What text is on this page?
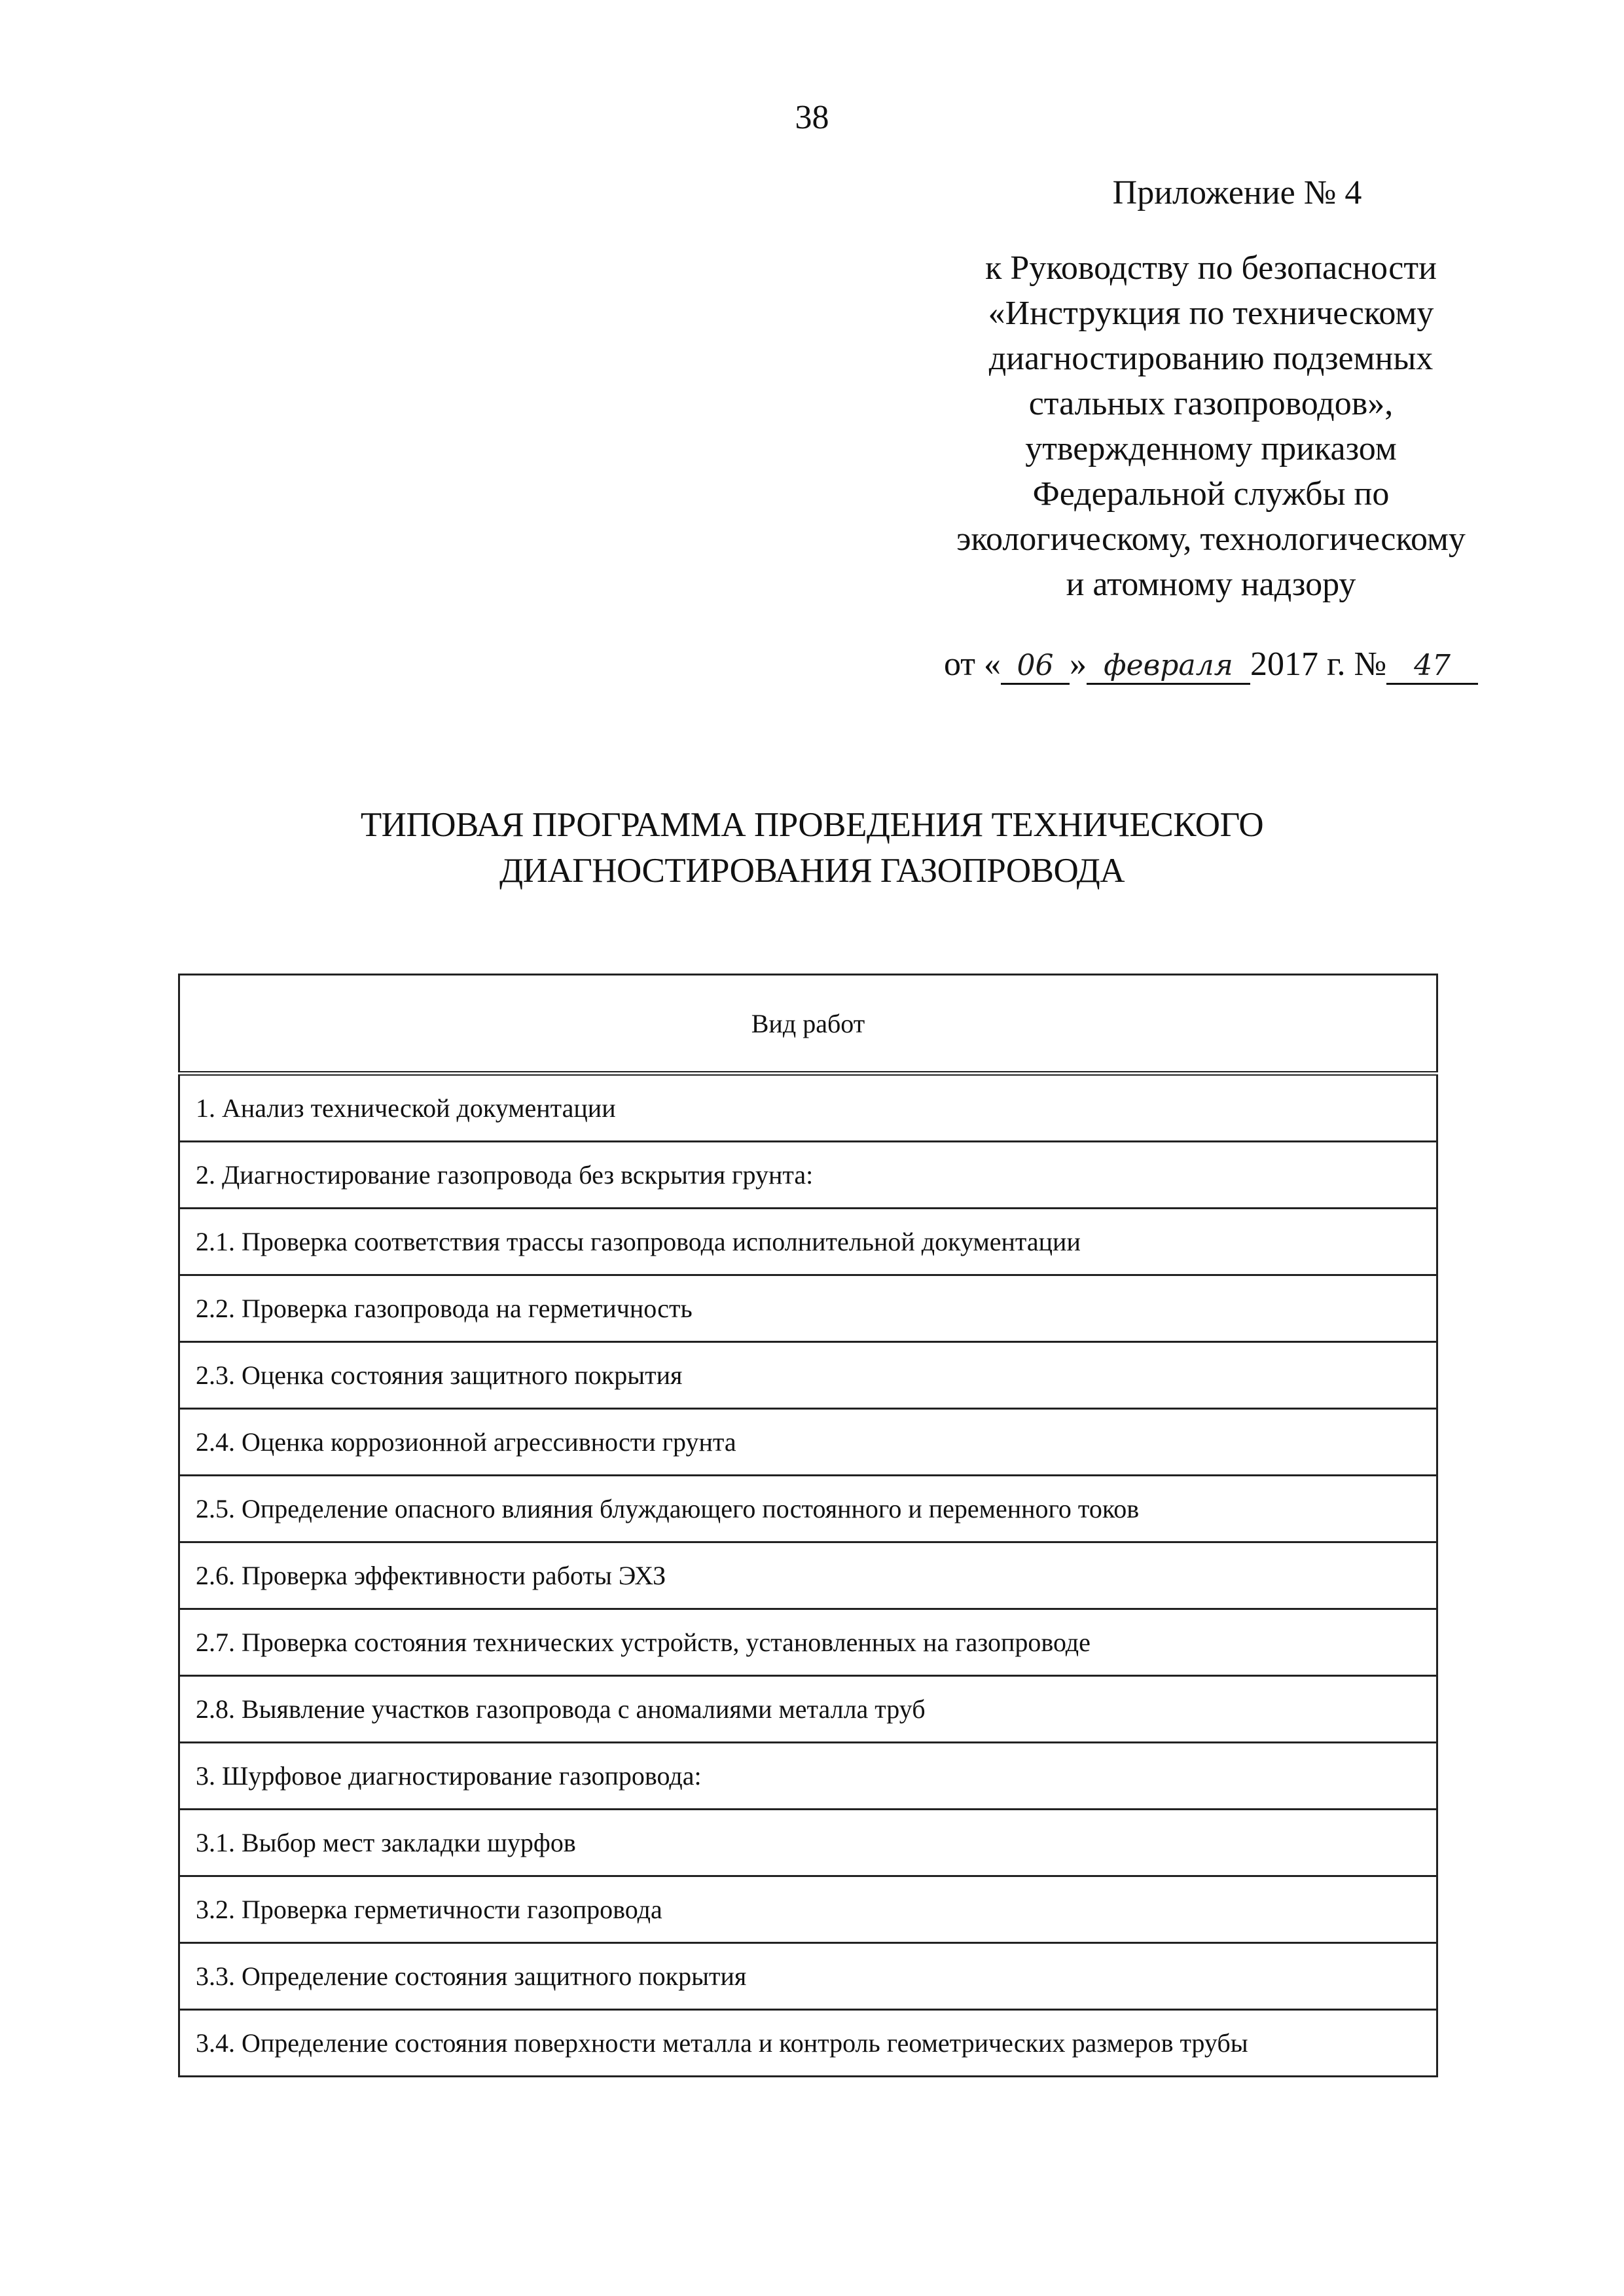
38
Приложение № 4
к Руководству по безопасности
«Инструкция по техническому
диагностированию подземных
стальных газопроводов»,
утвержденному приказом
Федеральной службы по
экологическому, технологическому
и атомному надзору
от « 06 » февраля 2017 г. № 47
ТИПОВАЯ ПРОГРАММА ПРОВЕДЕНИЯ ТЕХНИЧЕСКОГО
ДИАГНОСТИРОВАНИЯ ГАЗОПРОВОДА
Вид работ
1. Анализ технической документации
2. Диагностирование газопровода без вскрытия грунта:
2.1. Проверка соответствия трассы газопровода исполнительной документации
2.2. Проверка газопровода на герметичность
2.3. Оценка состояния защитного покрытия
2.4. Оценка коррозионной агрессивности грунта
2.5. Определение опасного влияния блуждающего постоянного и переменного токов
2.6. Проверка эффективности работы ЭХЗ
2.7. Проверка состояния технических устройств, установленных на газопроводе
2.8. Выявление участков газопровода с аномалиями металла труб
3. Шурфовое диагностирование газопровода:
3.1. Выбор мест закладки шурфов
3.2. Проверка герметичности газопровода
3.3. Определение состояния защитного покрытия
3.4. Определение состояния поверхности металла и контроль геометрических размеров трубы
